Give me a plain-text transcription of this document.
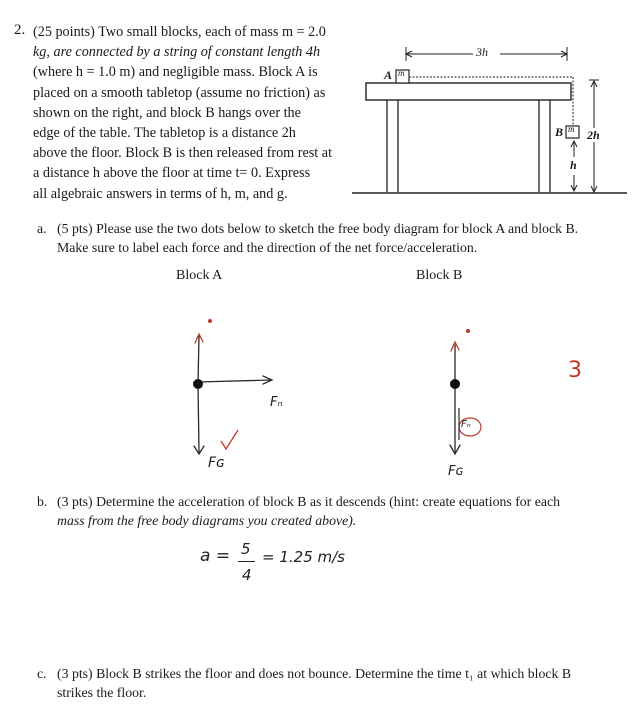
2. (25 points) Two small blocks, each of mass m = 2.0
kg, are connected by a string of constant length 4h
(where h = 1.0 m) and negligible mass. Block A is
placed on a smooth tabletop (assume no friction) as
shown on the right, and block B hangs over the
edge of the table. The tabletop is a distance 2h
above the floor. Block B is then released from rest at
a distance h above the floor at time t= 0. Express
all algebraic answers in terms of h, m, and g.
3h
2h
h
A m
B m
a. (5 pts) Please use the two dots below to sketch the free body diagram for block A and block B.
Make sure to label each force and the direction of the net force/acceleration.
Block A	Block B
Fₙ
Fɢ
Fₙ
Fɢ
3
b. (3 pts) Determine the acceleration of block B as it descends (hint: create equations for each
mass from the free body diagrams you created above).
a = 5
4
= 1.25 m/s
c. (3 pts) Block B strikes the floor and does not bounce. Determine the time t₁ at which block B
strikes the floor.
